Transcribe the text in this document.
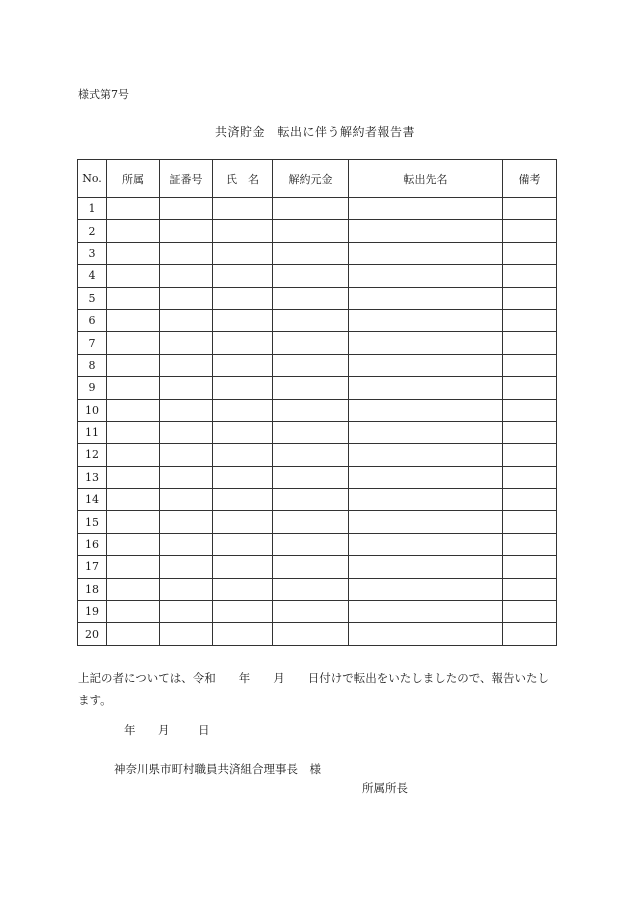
様式第7号
共済貯金　転出に伴う解約者報告書
No.	所属	証番号	氏　名	解約元金	転出先名	備考
1						
2						
3						
4						
5						
6						
7						
8						
9						
10						
11						
12						
13						
14						
15						
16						
17						
18						
19						
20						
上記の者については、令和　　年　　月　　日付けで転出をいたしましたので、報告いたします。
年 月 日
神奈川県市町村職員共済組合理事長　様
所属所長
